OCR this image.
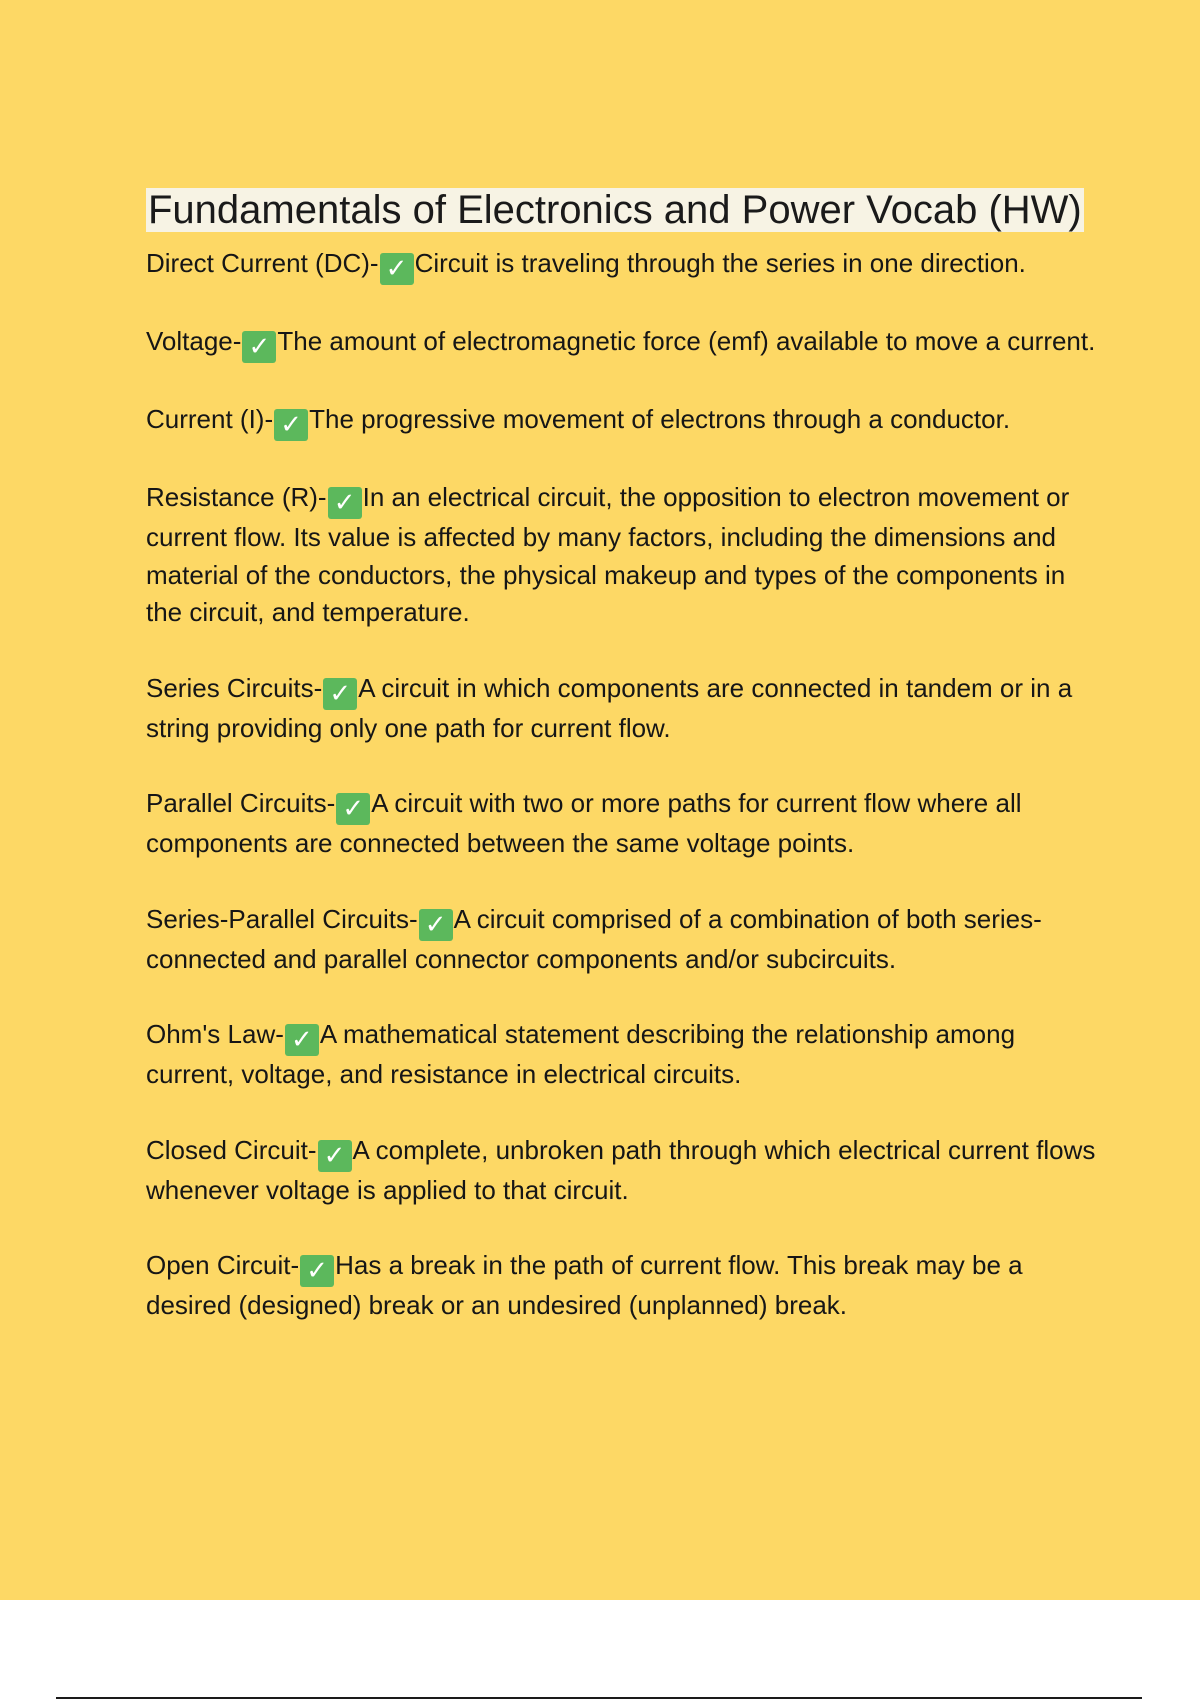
Fundamentals of Electronics and Power Vocab (HW)

Direct Current (DC)- ✓ Circuit is traveling through the series in one direction.

Voltage- ✓ The amount of electromagnetic force (emf) available to move a current.

Current (I)- ✓ The progressive movement of electrons through a conductor.

Resistance (R)- ✓ In an electrical circuit, the opposition to electron movement or current flow. Its value is affected by many factors, including the dimensions and material of the conductors, the physical makeup and types of the components in the circuit, and temperature.

Series Circuits- ✓ A circuit in which components are connected in tandem or in a string providing only one path for current flow.

Parallel Circuits- ✓ A circuit with two or more paths for current flow where all components are connected between the same voltage points.

Series-Parallel Circuits- ✓ A circuit comprised of a combination of both series-connected and parallel connector components and/or subcircuits.

Ohm's Law- ✓ A mathematical statement describing the relationship among current, voltage, and resistance in electrical circuits.

Closed Circuit- ✓ A complete, unbroken path through which electrical current flows whenever voltage is applied to that circuit.

Open Circuit- ✓ Has a break in the path of current flow. This break may be a desired (designed) break or an undesired (unplanned) break.
